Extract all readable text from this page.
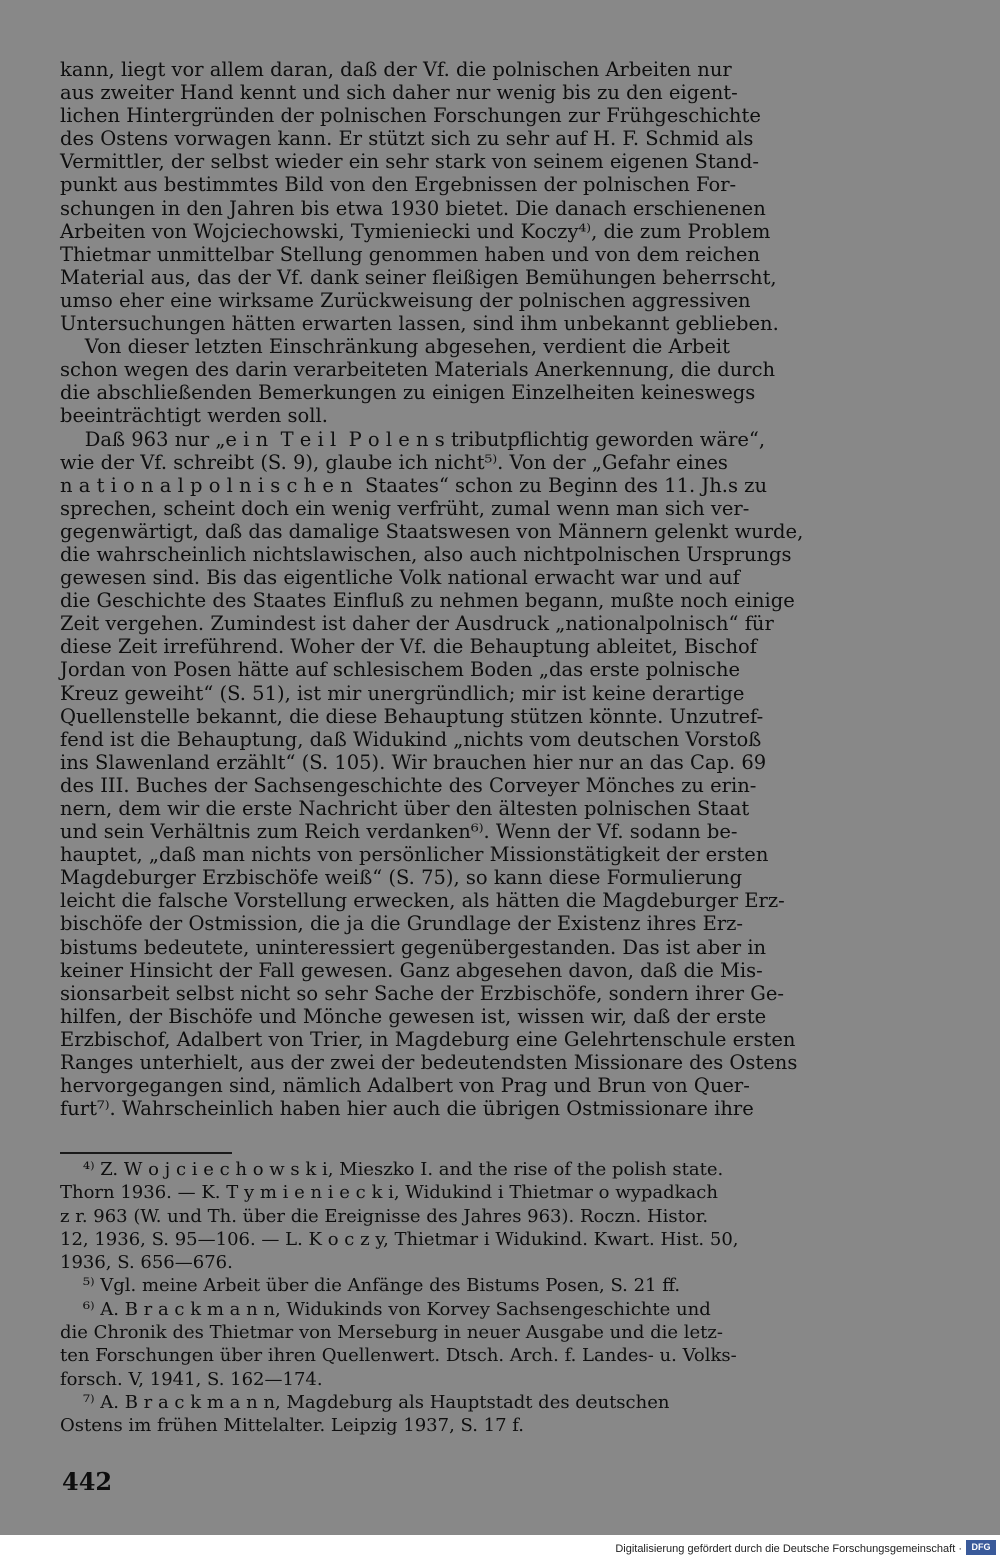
kann, liegt vor allem daran, daß der Vf. die polnischen Arbeiten nur
aus zweiter Hand kennt und sich daher nur wenig bis zu den eigent-
lichen Hintergründen der polnischen Forschungen zur Frühgeschichte
des Ostens vorwagen kann. Er stützt sich zu sehr auf H. F. Schmid als
Vermittler, der selbst wieder ein sehr stark von seinem eigenen Stand-
punkt aus bestimmtes Bild von den Ergebnissen der polnischen For-
schungen in den Jahren bis etwa 1930 bietet. Die danach erschienenen
Arbeiten von Wojciechowski, Tymieniecki und Koczy⁴⁾, die zum Problem
Thietmar unmittelbar Stellung genommen haben und von dem reichen
Material aus, das der Vf. dank seiner fleißigen Bemühungen beherrscht,
umso eher eine wirksame Zurückweisung der polnischen aggressiven
Untersuchungen hätten erwarten lassen, sind ihm unbekannt geblieben.
Von dieser letzten Einschränkung abgesehen, verdient die Arbeit
schon wegen des darin verarbeiteten Materials Anerkennung, die durch
die abschließenden Bemerkungen zu einigen Einzelheiten keineswegs
beeinträchtigt werden soll.
Daß 963 nur „e i n  T e i l  P o l e n s tributpflichtig geworden wäre“,
wie der Vf. schreibt (S. 9), glaube ich nicht⁵⁾. Von der „Gefahr eines
n a t i o n a l p o l n i s c h e n  Staates“ schon zu Beginn des 11. Jh.s zu
sprechen, scheint doch ein wenig verfrüht, zumal wenn man sich ver-
gegenwärtigt, daß das damalige Staatswesen von Männern gelenkt wurde,
die wahrscheinlich nichtslawischen, also auch nichtpolnischen Ursprungs
gewesen sind. Bis das eigentliche Volk national erwacht war und auf
die Geschichte des Staates Einfluß zu nehmen begann, mußte noch einige
Zeit vergehen. Zumindest ist daher der Ausdruck „nationalpolnisch“ für
diese Zeit irreführend. Woher der Vf. die Behauptung ableitet, Bischof
Jordan von Posen hätte auf schlesischem Boden „das erste polnische
Kreuz geweiht“ (S. 51), ist mir unergründlich; mir ist keine derartige
Quellenstelle bekannt, die diese Behauptung stützen könnte. Unzutref-
fend ist die Behauptung, daß Widukind „nichts vom deutschen Vorstoß
ins Slawenland erzählt“ (S. 105). Wir brauchen hier nur an das Cap. 69
des III. Buches der Sachsengeschichte des Corveyer Mönches zu erin-
nern, dem wir die erste Nachricht über den ältesten polnischen Staat
und sein Verhältnis zum Reich verdanken⁶⁾. Wenn der Vf. sodann be-
hauptet, „daß man nichts von persönlicher Missionstätigkeit der ersten
Magdeburger Erzbischöfe weiß“ (S. 75), so kann diese Formulierung
leicht die falsche Vorstellung erwecken, als hätten die Magdeburger Erz-
bischöfe der Ostmission, die ja die Grundlage der Existenz ihres Erz-
bistums bedeutete, uninteressiert gegenübergestanden. Das ist aber in
keiner Hinsicht der Fall gewesen. Ganz abgesehen davon, daß die Mis-
sionsarbeit selbst nicht so sehr Sache der Erzbischöfe, sondern ihrer Ge-
hilfen, der Bischöfe und Mönche gewesen ist, wissen wir, daß der erste
Erzbischof, Adalbert von Trier, in Magdeburg eine Gelehrtenschule ersten
Ranges unterhielt, aus der zwei der bedeutendsten Missionare des Ostens
hervorgegangen sind, nämlich Adalbert von Prag und Brun von Quer-
furt⁷⁾. Wahrscheinlich haben hier auch die übrigen Ostmissionare ihre
⁴⁾ Z. W o j c i e c h o w s k i, Mieszko I. and the rise of the polish state.
Thorn 1936. — K. T y m i e n i e c k i, Widukind i Thietmar o wypadkach
z r. 963 (W. und Th. über die Ereignisse des Jahres 963). Roczn. Histor.
12, 1936, S. 95—106. — L. K o c z y, Thietmar i Widukind. Kwart. Hist. 50,
1936, S. 656—676.
⁵⁾ Vgl. meine Arbeit über die Anfänge des Bistums Posen, S. 21 ff.
⁶⁾ A. B r a c k m a n n, Widukinds von Korvey Sachsengeschichte und
die Chronik des Thietmar von Merseburg in neuer Ausgabe und die letz-
ten Forschungen über ihren Quellenwert. Dtsch. Arch. f. Landes- u. Volks-
forsch. V, 1941, S. 162—174.
⁷⁾ A. B r a c k m a n n, Magdeburg als Hauptstadt des deutschen
Ostens im frühen Mittelalter. Leipzig 1937, S. 17 f.
442
Digitalisierung gefördert durch die Deutsche Forschungsgemeinschaft ·	DFG
